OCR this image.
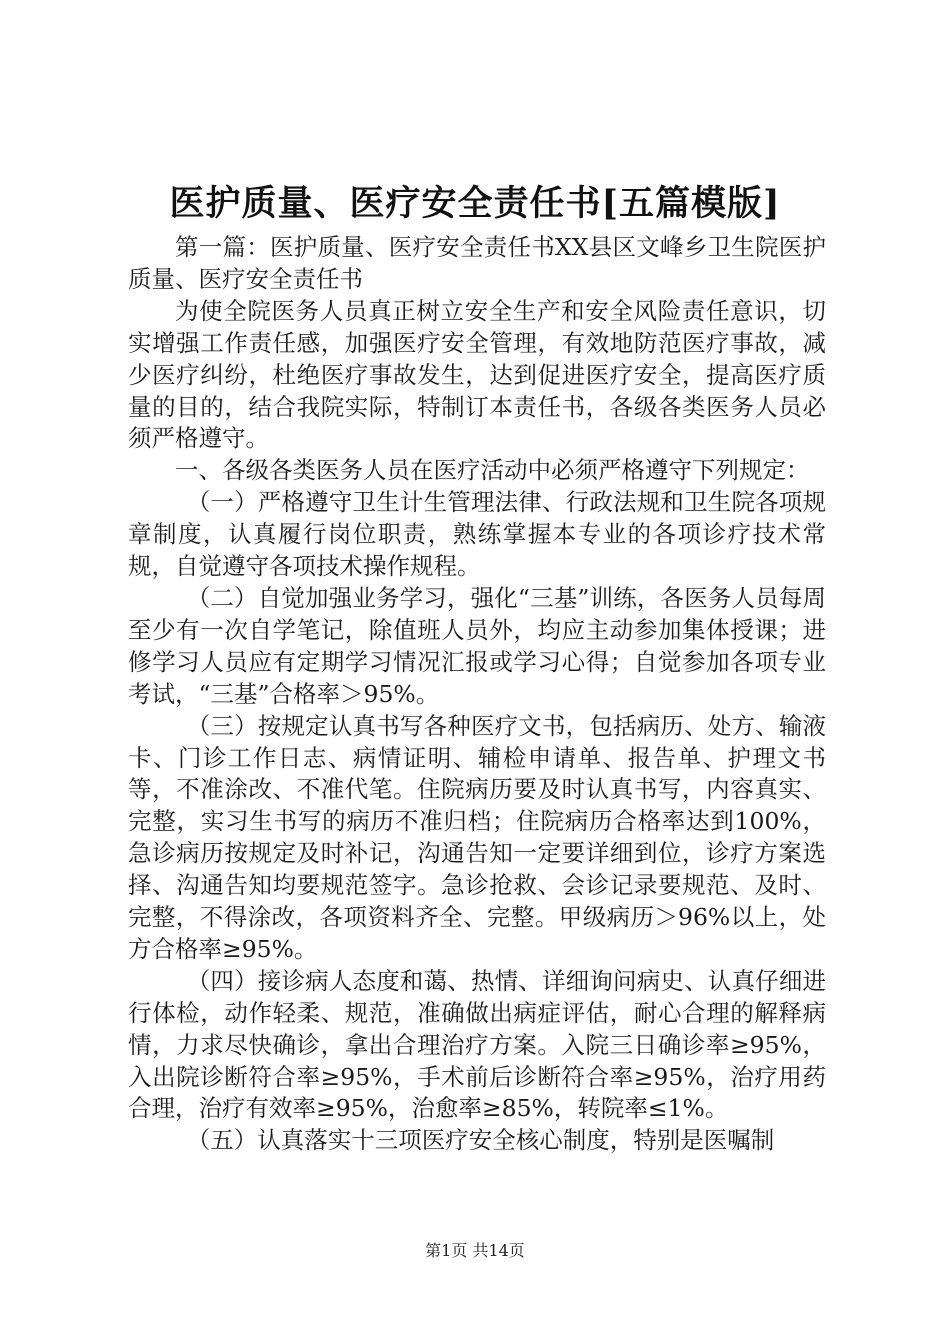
医护质量、医疗安全责任书[五篇模版]

第一篇：医护质量、医疗安全责任书XX县区文峰乡卫生院医护质量、医疗安全责任书

为使全院医务人员真正树立安全生产和安全风险责任意识，切实增强工作责任感，加强医疗安全管理，有效地防范医疗事故，减少医疗纠纷，杜绝医疗事故发生，达到促进医疗安全，提高医疗质量的目的，结合我院实际，特制订本责任书，各级各类医务人员必须严格遵守。

一、各级各类医务人员在医疗活动中必须严格遵守下列规定：

（一）严格遵守卫生计生管理法律、行政法规和卫生院各项规章制度，认真履行岗位职责，熟练掌握本专业的各项诊疗技术常规，自觉遵守各项技术操作规程。

（二）自觉加强业务学习，强化“三基”训练，各医务人员每周至少有一次自学笔记，除值班人员外，均应主动参加集体授课；进修学习人员应有定期学习情况汇报或学习心得；自觉参加各项专业考试，“三基”合格率＞95%。

（三）按规定认真书写各种医疗文书，包括病历、处方、输液卡、门诊工作日志、病情证明、辅检申请单、报告单、护理文书等，不准涂改、不准代笔。住院病历要及时认真书写，内容真实、完整，实习生书写的病历不准归档；住院病历合格率达到100%，急诊病历按规定及时补记，沟通告知一定要详细到位，诊疗方案选择、沟通告知均要规范签字。急诊抢救、会诊记录要规范、及时、完整，不得涂改，各项资料齐全、完整。甲级病历＞96%以上，处方合格率≥95%。

（四）接诊病人态度和蔼、热情、详细询问病史、认真仔细进行体检，动作轻柔、规范，准确做出病症评估，耐心合理的解释病情，力求尽快确诊，拿出合理治疗方案。入院三日确诊率≥95%，入出院诊断符合率≥95%，手术前后诊断符合率≥95%，治疗用药合理，治疗有效率≥95%，治愈率≥85%，转院率≤1%。

（五）认真落实十三项医疗安全核心制度，特别是医嘱制

第1页 共14页
